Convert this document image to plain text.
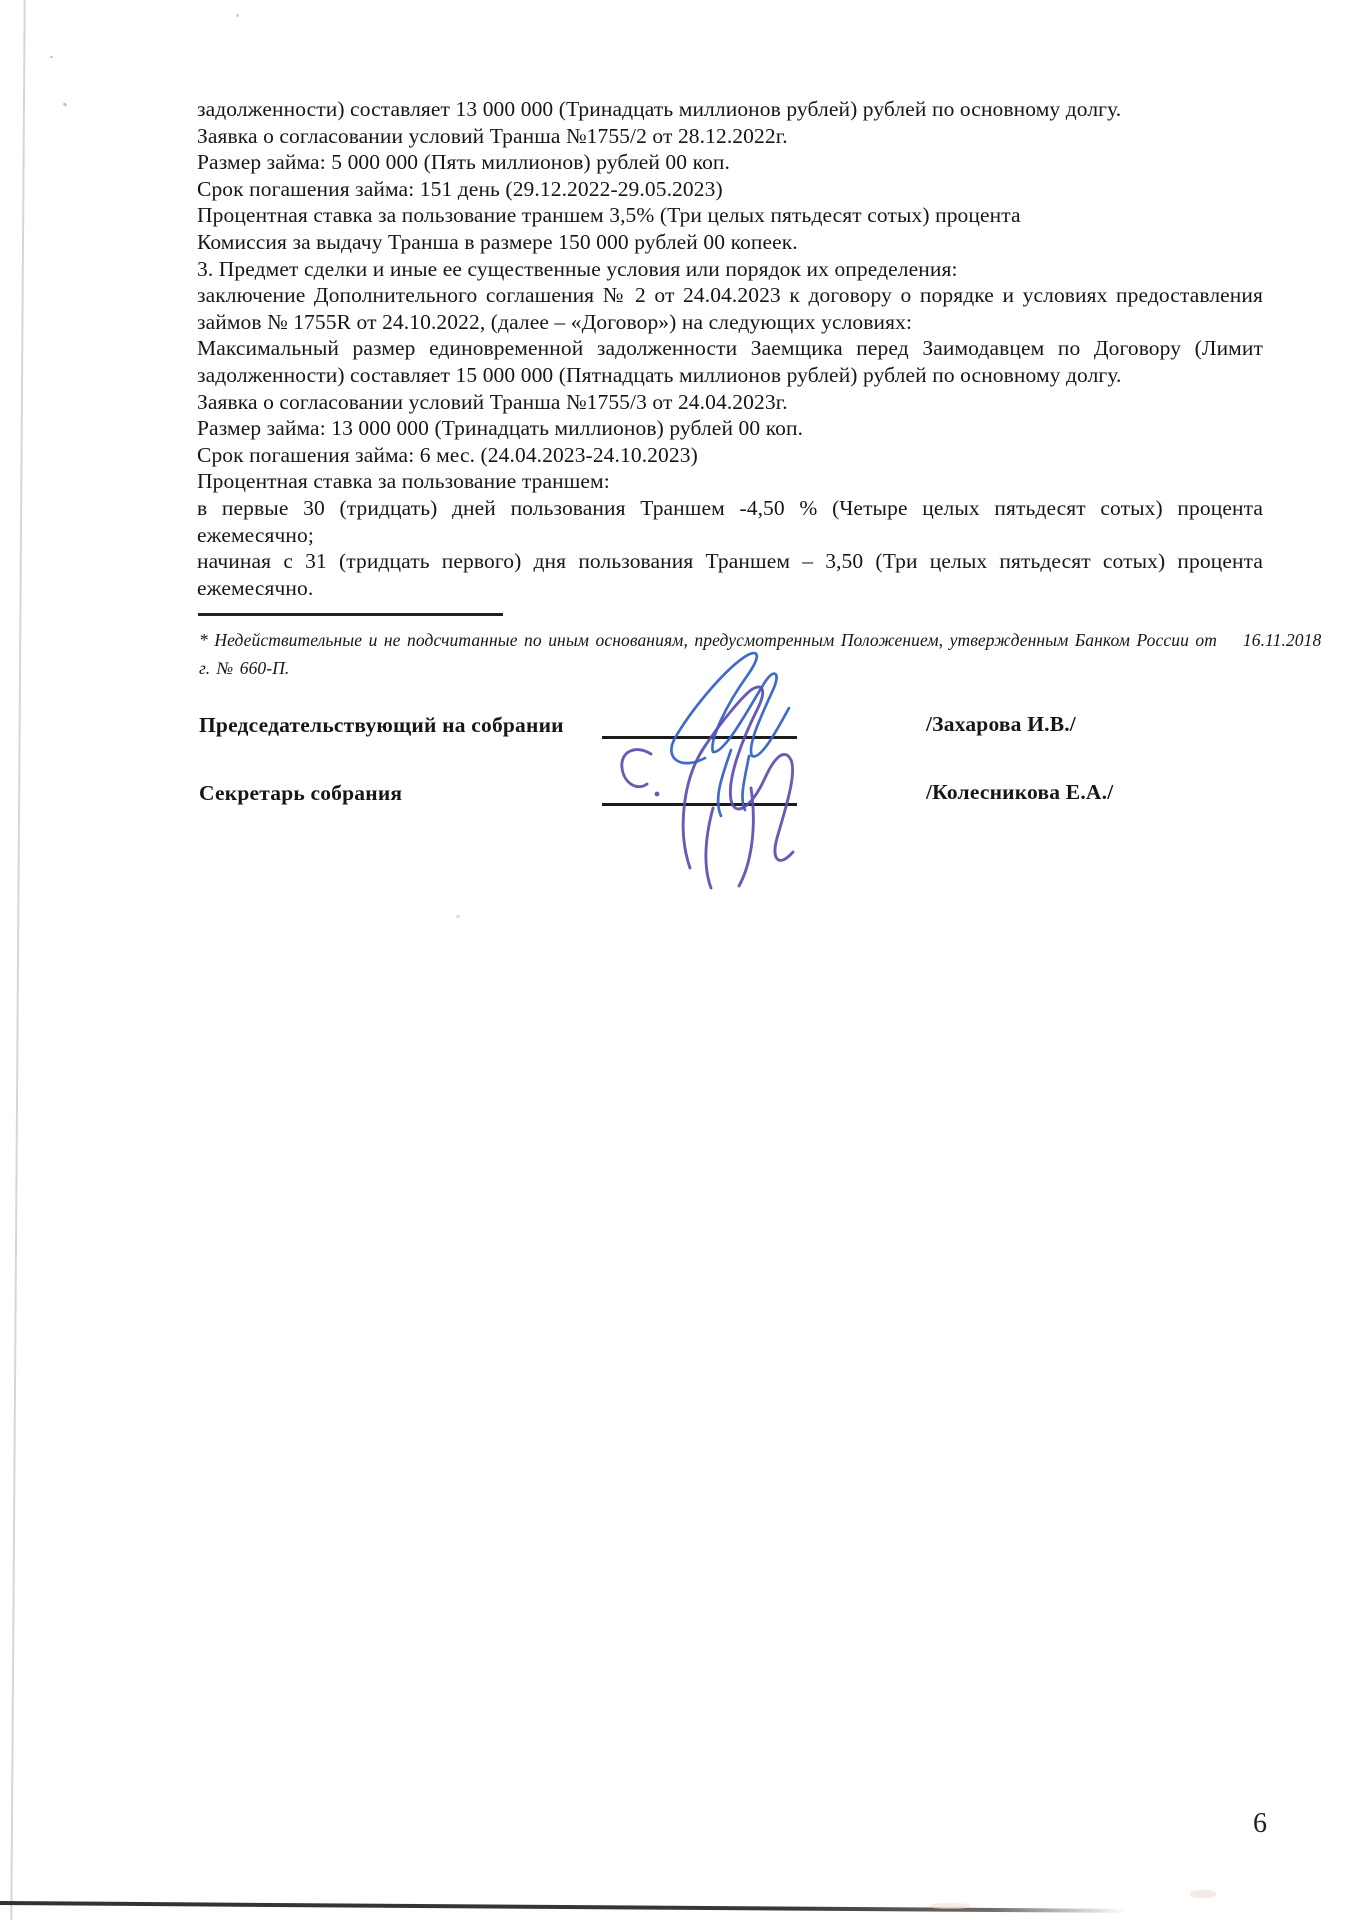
задолженности) составляет 13 000 000 (Тринадцать миллионов рублей) рублей по основному долгу.
Заявка о согласовании условий Транша №1755/2 от 28.12.2022г.
Размер займа: 5 000 000 (Пять миллионов) рублей 00 коп.
Срок погашения займа: 151 день (29.12.2022-29.05.2023)
Процентная ставка за пользование траншем 3,5% (Три целых пятьдесят сотых) процента
Комиссия за выдачу Транша в размере 150 000 рублей 00 копеек.
3. Предмет сделки и иные ее существенные условия или порядок их определения:
заключение Дополнительного соглашения № 2 от 24.04.2023 к договору о порядке и условиях предоставления
займов № 1755R от 24.10.2022, (далее – «Договор») на следующих условиях:
Максимальный размер единовременной задолженности Заемщика перед Заимодавцем по Договору (Лимит
задолженности) составляет 15 000 000 (Пятнадцать миллионов рублей) рублей по основному долгу.
Заявка о согласовании условий Транша №1755/3 от 24.04.2023г.
Размер займа: 13 000 000 (Тринадцать миллионов) рублей 00 коп.
Срок погашения займа: 6 мес. (24.04.2023-24.10.2023)
Процентная ставка за пользование траншем:
в первые 30 (тридцать) дней пользования Траншем -4,50 % (Четыре целых пятьдесят сотых) процента
ежемесячно;
начиная с 31 (тридцать первого) дня пользования Траншем – 3,50 (Три целых пятьдесят сотых) процента
ежемесячно.
* Недействительные и не подсчитанные по иным основаниям, предусмотренным Положением, утвержденным Банком России от    16.11.2018
г. № 660-П.
Председательствующий на собрании	/Захарова И.В./
Секретарь собрания	/Колесникова Е.А./
6
